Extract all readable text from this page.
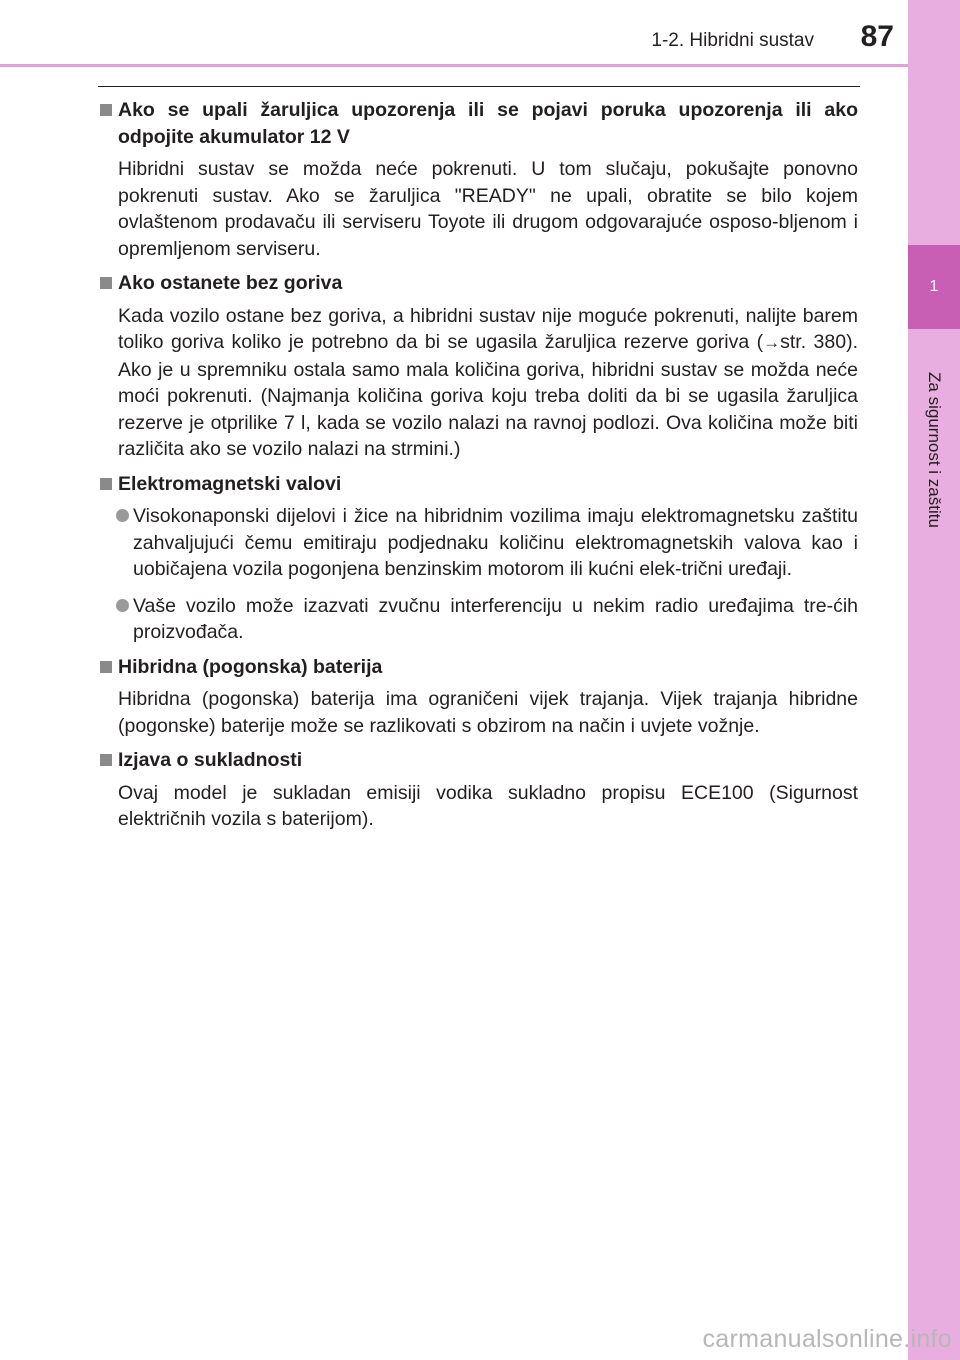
1-2. Hibridni sustav 87
1
Za sigurnost i zaštitu
Ako se upali žaruljica upozorenja ili se pojavi poruka upozorenja ili ako odpojite akumulator 12 V
Hibridni sustav se možda neće pokrenuti. U tom slučaju, pokušajte ponovno pokrenuti sustav. Ako se žaruljica "READY" ne upali, obratite se bilo kojem ovlaštenom prodavaču ili serviseru Toyote ili drugom odgovarajuće osposo-bljenom i opremljenom serviseru.
Ako ostanete bez goriva
Kada vozilo ostane bez goriva, a hibridni sustav nije moguće pokrenuti, nalijte barem toliko goriva koliko je potrebno da bi se ugasila žaruljica rezerve goriva (→str. 380). Ako je u spremniku ostala samo mala količina goriva, hibridni sustav se možda neće moći pokrenuti. (Najmanja količina goriva koju treba doliti da bi se ugasila žaruljica rezerve je otprilike 7 l, kada se vozilo nalazi na ravnoj podlozi. Ova količina može biti različita ako se vozilo nalazi na strmini.)
Elektromagnetski valovi
Visokonaponski dijelovi i žice na hibridnim vozilima imaju elektromagnetsku zaštitu zahvaljujući čemu emitiraju podjednaku količinu elektromagnetskih valova kao i uobičajena vozila pogonjena benzinskim motorom ili kućni elek-trični uređaji.
Vaše vozilo može izazvati zvučnu interferenciju u nekim radio uređajima tre-ćih proizvođača.
Hibridna (pogonska) baterija
Hibridna (pogonska) baterija ima ograničeni vijek trajanja. Vijek trajanja hibridne (pogonske) baterije može se razlikovati s obzirom na način i uvjete vožnje.
Izjava o sukladnosti
Ovaj model je sukladan emisiji vodika sukladno propisu ECE100 (Sigurnost električnih vozila s baterijom).
carmanualsonline.info
